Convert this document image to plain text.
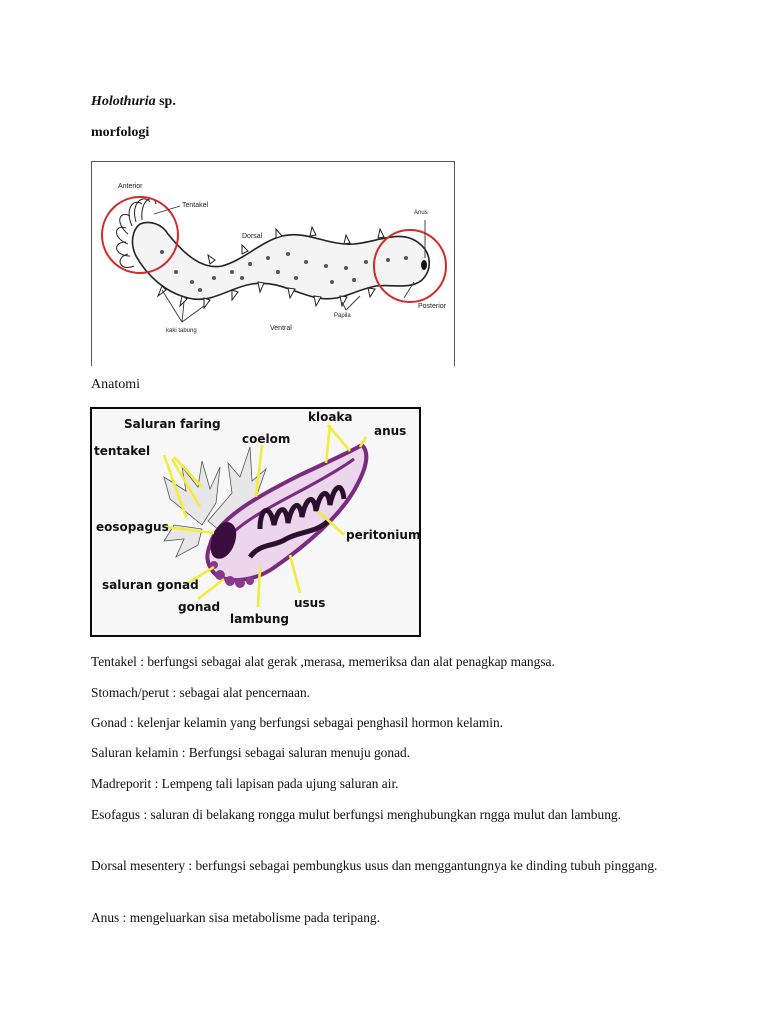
Holothuria sp.
morfologi
Anterior
Tentakel
Dorsal
Anus
Posterior
Papila
Ventral
kaki tabung
Anatomi
Saluran faring	kloaka
anus
coelom
tentakel
eosopagus
peritonium
saluran gonad
gonad	usus
lambung
Tentakel : berfungsi sebagai alat gerak ,merasa, memeriksa dan alat penagkap mangsa.
Stomach/perut : sebagai alat pencernaan.
Gonad : kelenjar kelamin yang berfungsi sebagai penghasil hormon kelamin.
Saluran kelamin : Berfungsi sebagai saluran menuju gonad.
Madreporit : Lempeng tali lapisan pada ujung saluran air.
Esofagus : saluran di belakang rongga mulut berfungsi menghubungkan rngga mulut dan lambung.
Dorsal mesentery : berfungsi sebagai pembungkus usus dan menggantungnya ke dinding tubuh pinggang.
Anus : mengeluarkan sisa metabolisme pada teripang.
